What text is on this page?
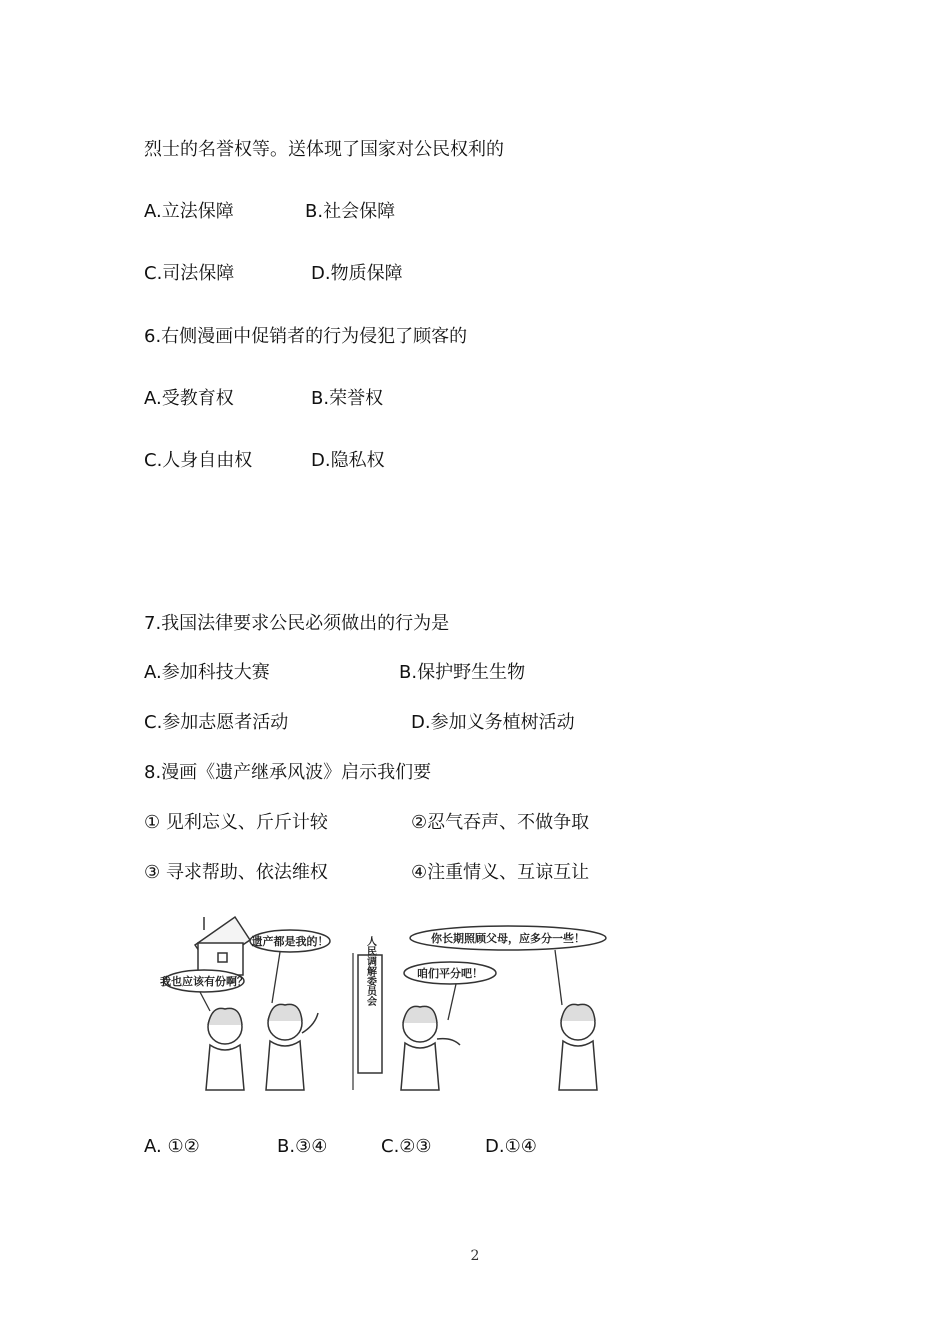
烈士的名誉权等。送体现了国家对公民权利的
A.立法保障	B.社会保障
C.司法保障	D.物质保障
6.右侧漫画中促销者的行为侵犯了顾客的
A.受教育权	B.荣誉权
C.人身自由权	D.隐私权
7.我国法律要求公民必须做出的行为是
A.参加科技大赛	B.保护野生生物
C.参加志愿者活动	D.参加义务植树活动
8.漫画《遗产继承风波》启示我们要
① 见利忘义、斤斤计较	②忍气吞声、不做争取
③ 寻求帮助、依法维权	④注重情义、互谅互让
我也应该有份啊？
遗产都是我的！	人民调解委员会	你长期照顾父母，应多分一些！
咱们平分吧！
A. ①②	B.③④	C.②③	D.①④
2
